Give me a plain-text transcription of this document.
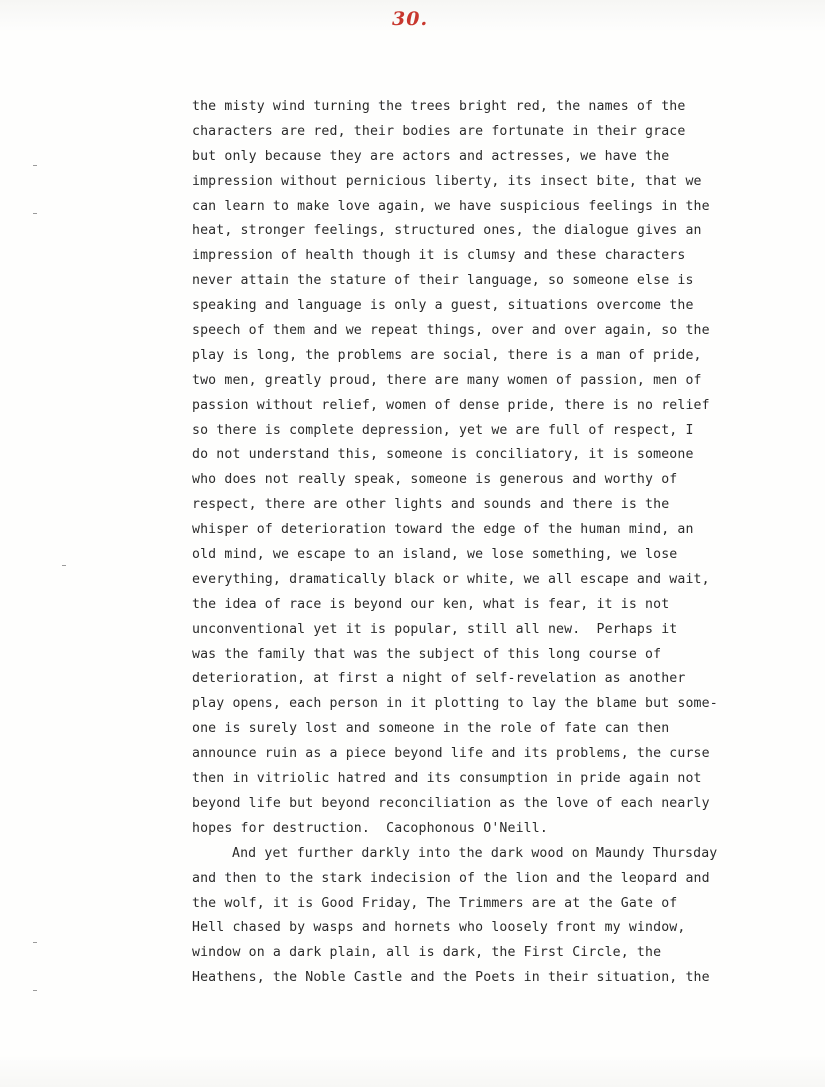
30.
the misty wind turning the trees bright red, the names of the
characters are red, their bodies are fortunate in their grace
but only because they are actors and actresses, we have the
impression without pernicious liberty, its insect bite, that we
can learn to make love again, we have suspicious feelings in the
heat, stronger feelings, structured ones, the dialogue gives an
impression of health though it is clumsy and these characters
never attain the stature of their language, so someone else is
speaking and language is only a guest, situations overcome the
speech of them and we repeat things, over and over again, so the
play is long, the problems are social, there is a man of pride,
two men, greatly proud, there are many women of passion, men of
passion without relief, women of dense pride, there is no relief
so there is complete depression, yet we are full of respect, I
do not understand this, someone is conciliatory, it is someone
who does not really speak, someone is generous and worthy of
respect, there are other lights and sounds and there is the
whisper of deterioration toward the edge of the human mind, an
old mind, we escape to an island, we lose something, we lose
everything, dramatically black or white, we all escape and wait,
the idea of race is beyond our ken, what is fear, it is not
unconventional yet it is popular, still all new.  Perhaps it
was the family that was the subject of this long course of
deterioration, at first a night of self-revelation as another
play opens, each person in it plotting to lay the blame but some-
one is surely lost and someone in the role of fate can then
announce ruin as a piece beyond life and its problems, the curse
then in vitriolic hatred and its consumption in pride again not
beyond life but beyond reconciliation as the love of each nearly
hopes for destruction.  Cacophonous O'Neill.
And yet further darkly into the dark wood on Maundy Thursday
and then to the stark indecision of the lion and the leopard and
the wolf, it is Good Friday, The Trimmers are at the Gate of
Hell chased by wasps and hornets who loosely front my window,
window on a dark plain, all is dark, the First Circle, the
Heathens, the Noble Castle and the Poets in their situation, the
